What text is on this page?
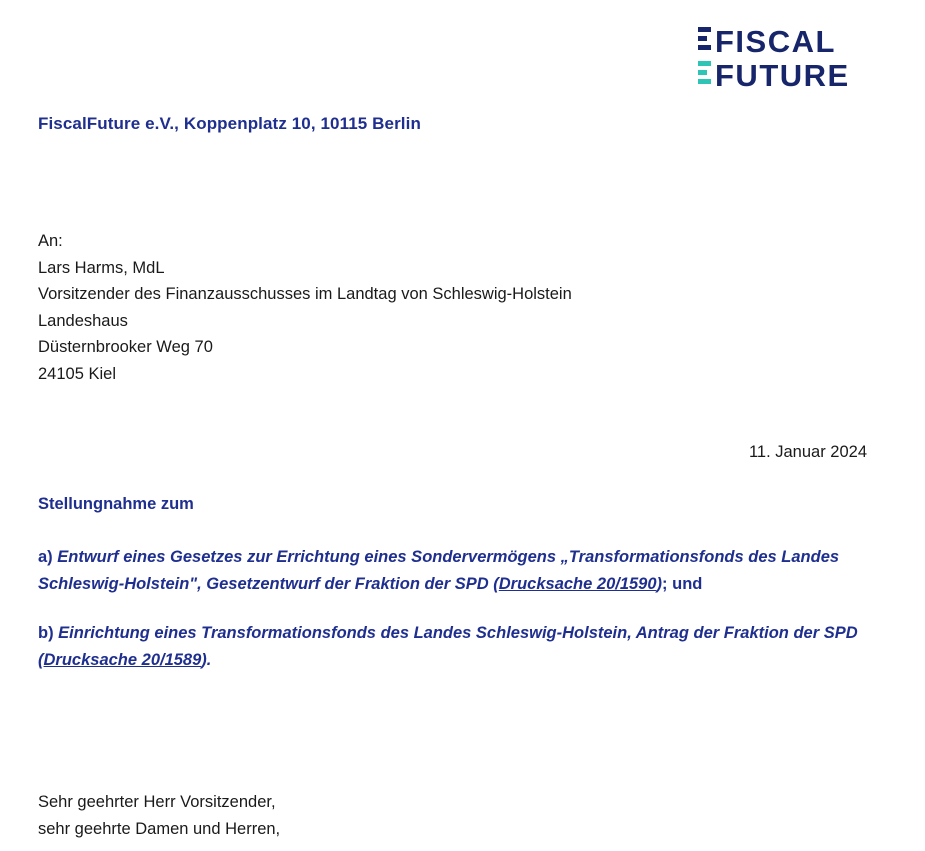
FISCAL
FUTURE
FiscalFuture e.V., Koppenplatz 10, 10115 Berlin
An:
Lars Harms, MdL
Vorsitzender des Finanzausschusses im Landtag von Schleswig-Holstein
Landeshaus
Düsternbrooker Weg 70
24105 Kiel
11. Januar 2024
Stellungnahme zum

a) Entwurf eines Gesetzes zur Errichtung eines Sondervermögens „Transformationsfonds des Landes Schleswig-Holstein", Gesetzentwurf der Fraktion der SPD (Drucksache 20/1590); und

b) Einrichtung eines Transformationsfonds des Landes Schleswig-Holstein, Antrag der Fraktion der SPD (Drucksache 20/1589).

Sehr geehrter Herr Vorsitzender,
sehr geehrte Damen und Herren,
